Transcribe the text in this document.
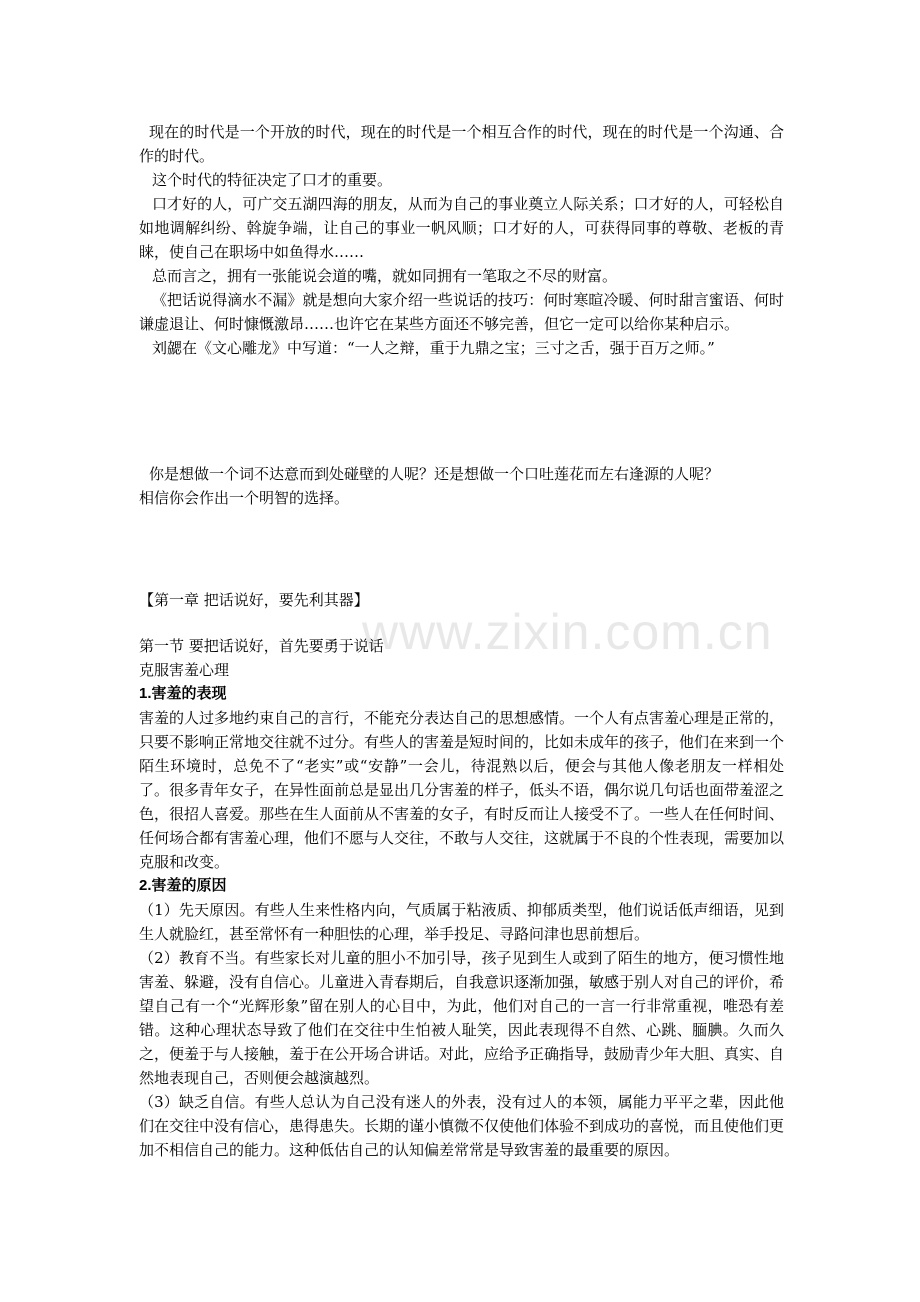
现在的时代是一个开放的时代，现在的时代是一个相互合作的时代，现在的时代是一个沟通、合作的时代。

这个时代的特征决定了口才的重要。

口才好的人，可广交五湖四海的朋友，从而为自己的事业奠立人际关系；口才好的人，可轻松自如地调解纠纷、斡旋争端，让自己的事业一帆风顺；口才好的人，可获得同事的尊敬、老板的青睐，使自己在职场中如鱼得水……

总而言之，拥有一张能说会道的嘴，就如同拥有一笔取之不尽的财富。

《把话说得滴水不漏》就是想向大家介绍一些说话的技巧：何时寒暄冷暖、何时甜言蜜语、何时谦虚退让、何时慷慨激昂……也许它在某些方面还不够完善，但它一定可以给你某种启示。

刘勰在《文心雕龙》中写道：“一人之辩，重于九鼎之宝；三寸之舌，强于百万之师。”

你是想做一个词不达意而到处碰壁的人呢？还是想做一个口吐莲花而左右逢源的人呢？
相信你会作出一个明智的选择。

【第一章 把话说好，要先利其器】

www.zixin.com.cn
第一节 要把话说好，首先要勇于说话
克服害羞心理
1.害羞的表现
害羞的人过多地约束自己的言行，不能充分表达自己的思想感情。一个人有点害羞心理是正常的，只要不影响正常地交往就不过分。有些人的害羞是短时间的，比如未成年的孩子，他们在来到一个陌生环境时，总免不了“老实”或“安静”一会儿，待混熟以后，便会与其他人像老朋友一样相处了。很多青年女子，在异性面前总是显出几分害羞的样子，低头不语，偶尔说几句话也面带羞涩之色，很招人喜爱。那些在生人面前从不害羞的女子，有时反而让人接受不了。一些人在任何时间、任何场合都有害羞心理，他们不愿与人交往，不敢与人交往，这就属于不良的个性表现，需要加以克服和改变。
2.害羞的原因
（1）先天原因。有些人生来性格内向，气质属于粘液质、抑郁质类型，他们说话低声细语，见到生人就脸红，甚至常怀有一种胆怯的心理，举手投足、寻路问津也思前想后。
（2）教育不当。有些家长对儿童的胆小不加引导，孩子见到生人或到了陌生的地方，便习惯性地害羞、躲避，没有自信心。儿童进入青春期后，自我意识逐渐加强，敏感于别人对自己的评价，希望自己有一个“光辉形象”留在别人的心目中，为此，他们对自己的一言一行非常重视，唯恐有差错。这种心理状态导致了他们在交往中生怕被人耻笑，因此表现得不自然、心跳、腼腆。久而久之，便羞于与人接触，羞于在公开场合讲话。对此，应给予正确指导，鼓励青少年大胆、真实、自然地表现自己，否则便会越演越烈。
（3）缺乏自信。有些人总认为自己没有迷人的外表，没有过人的本领，属能力平平之辈，因此他们在交往中没有信心，患得患失。长期的谨小慎微不仅使他们体验不到成功的喜悦，而且使他们更加不相信自己的能力。这种低估自己的认知偏差常常是导致害羞的最重要的原因。
